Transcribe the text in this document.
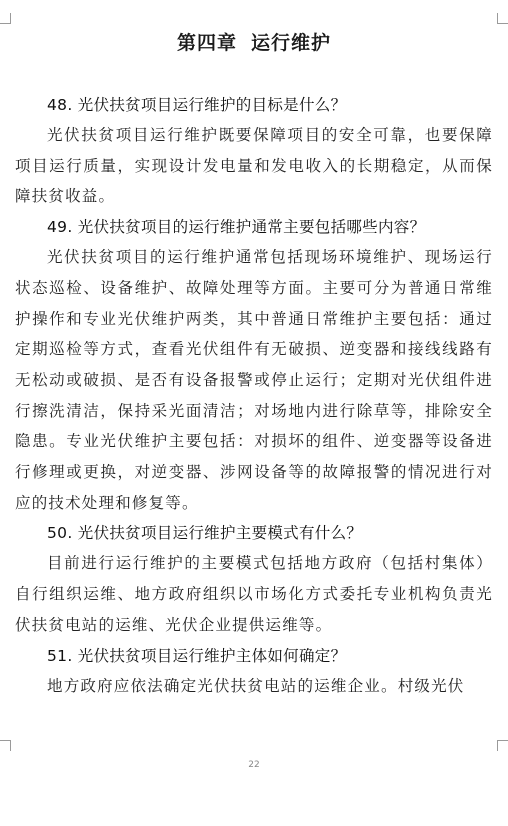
第四章 运行维护
48. 光伏扶贫项目运行维护的目标是什么？

光伏扶贫项目运行维护既要保障项目的安全可靠，也要保障项目运行质量，实现设计发电量和发电收入的长期稳定，从而保障扶贫收益。

49. 光伏扶贫项目的运行维护通常主要包括哪些内容？

光伏扶贫项目的运行维护通常包括现场环境维护、现场运行状态巡检、设备维护、故障处理等方面。主要可分为普通日常维护操作和专业光伏维护两类，其中普通日常维护主要包括：通过定期巡检等方式，查看光伏组件有无破损、逆变器和接线线路有无松动或破损、是否有设备报警或停止运行；定期对光伏组件进行擦洗清洁，保持采光面清洁；对场地内进行除草等，排除安全隐患。专业光伏维护主要包括：对损坏的组件、逆变器等设备进行修理或更换，对逆变器、涉网设备等的故障报警的情况进行对应的技术处理和修复等。

50. 光伏扶贫项目运行维护主要模式有什么？

目前进行运行维护的主要模式包括地方政府（包括村集体）自行组织运维、地方政府组织以市场化方式委托专业机构负责光伏扶贫电站的运维、光伏企业提供运维等。

51. 光伏扶贫项目运行维护主体如何确定？

地方政府应依法确定光伏扶贫电站的运维企业。村级光伏

22
